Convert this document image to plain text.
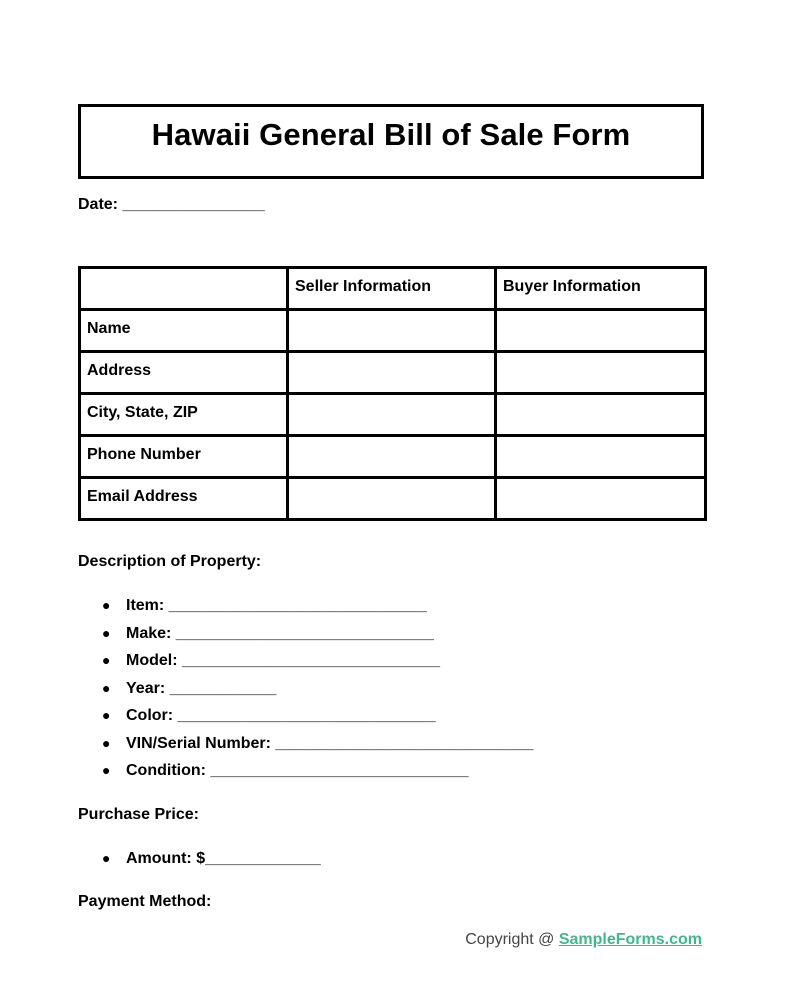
Hawaii General Bill of Sale Form
Date: ________________

	Seller Information	Buyer Information

Name		

Address		

City, State, ZIP		

Phone Number		

Email Address		

Description of Property:
● Item: _____________________________
● Make: _____________________________
● Model: _____________________________
● Year: ____________
● Color: _____________________________
● VIN/Serial Number: _____________________________
● Condition: _____________________________
Purchase Price:
● Amount: $_____________
Payment Method:
Copyright @ SampleForms.com
